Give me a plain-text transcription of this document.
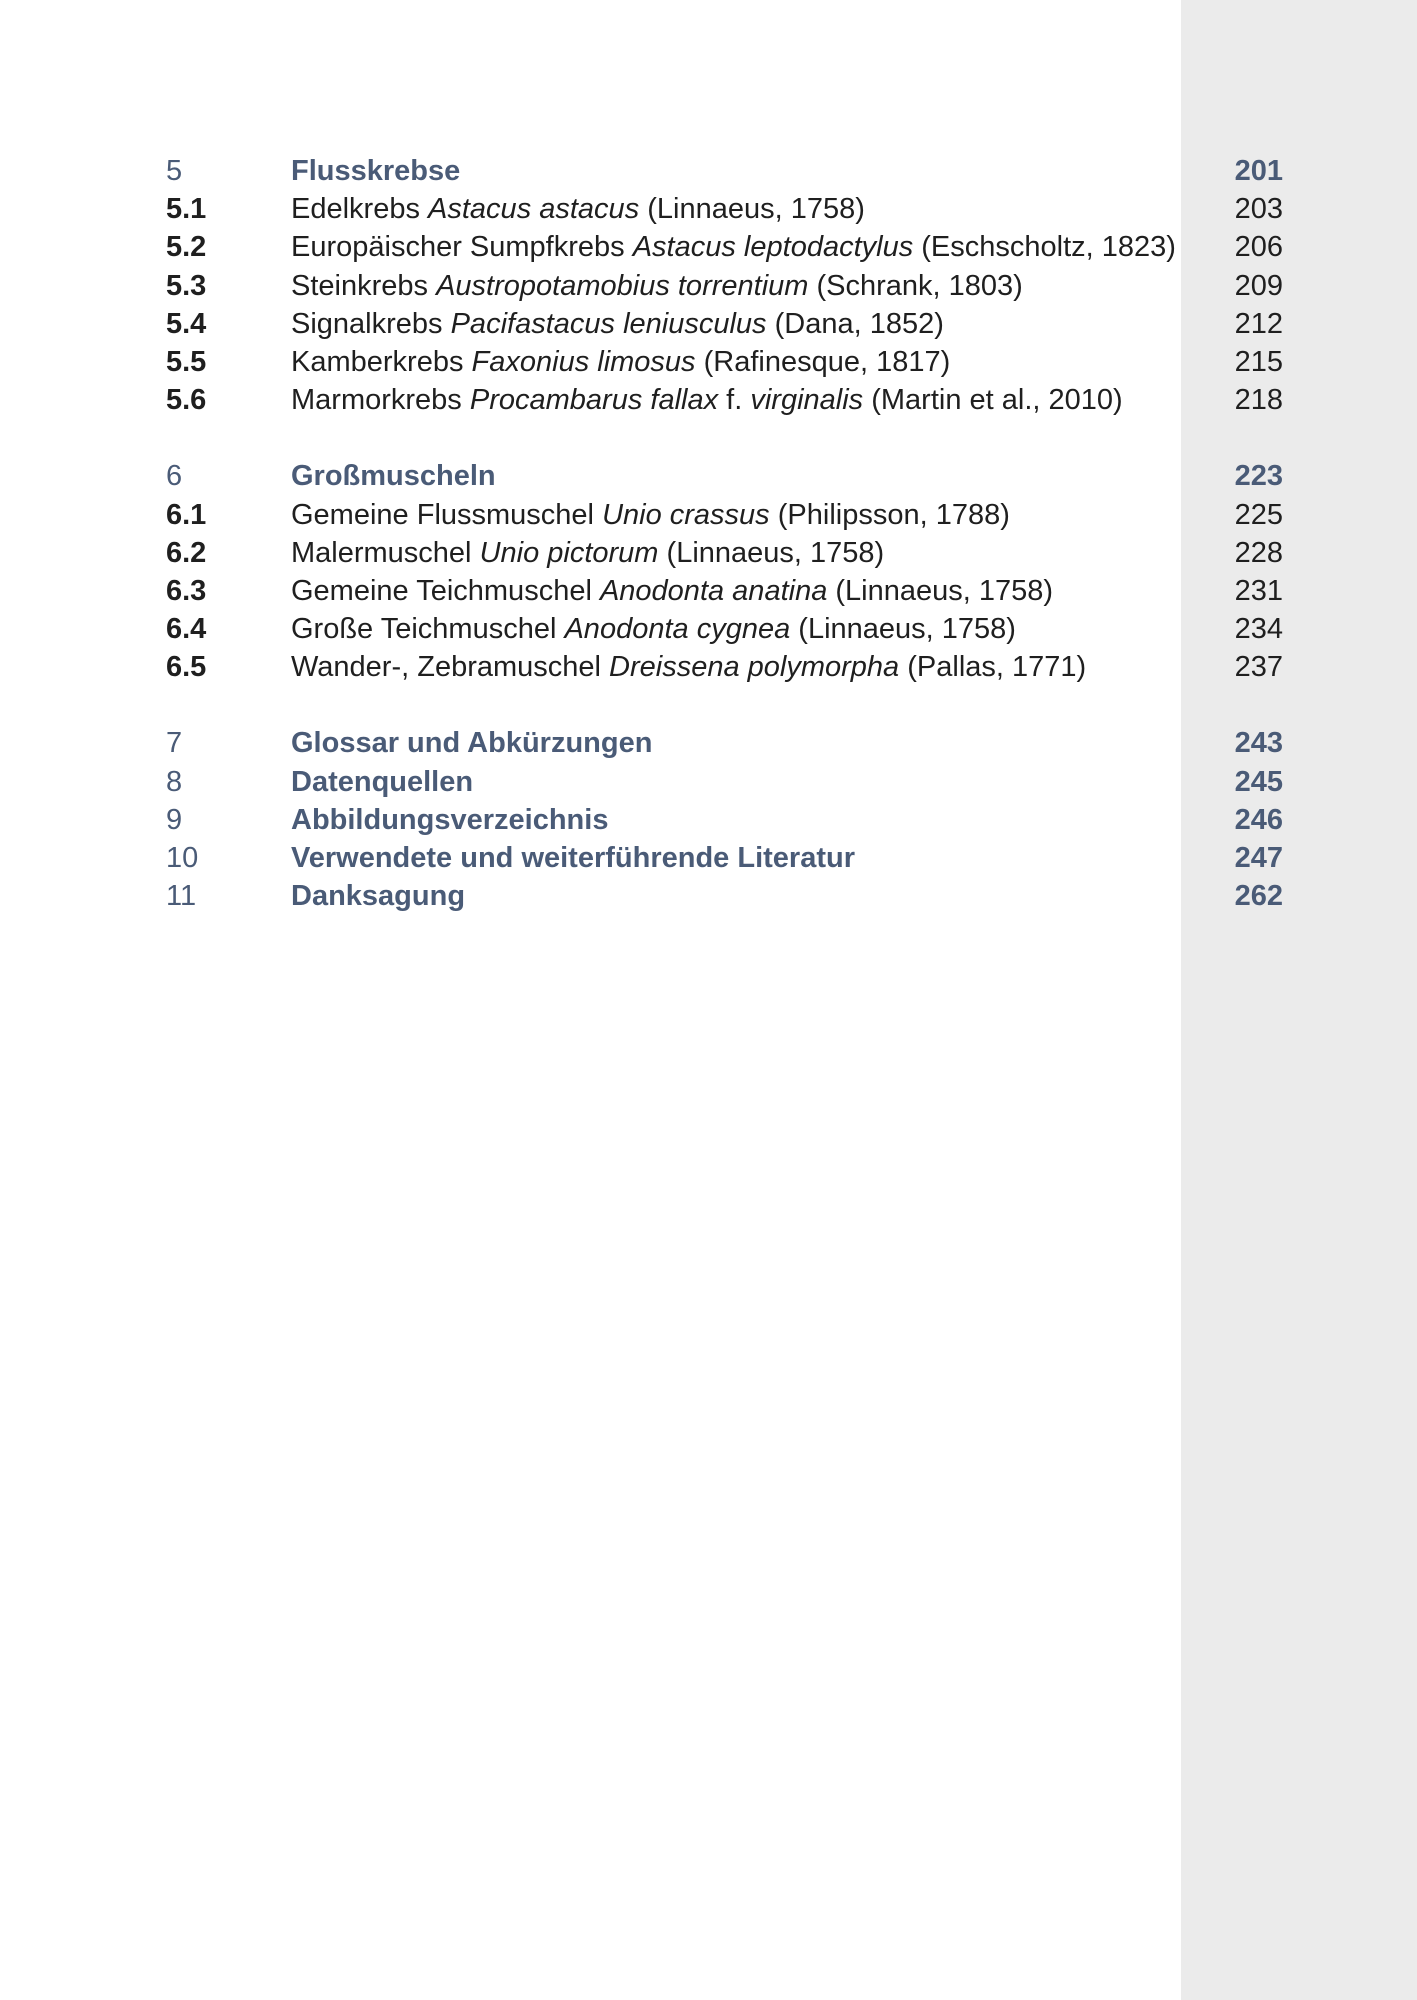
5	Flusskrebse	201
5.1	Edelkrebs Astacus astacus (Linnaeus, 1758)	203
5.2	Europäischer Sumpfkrebs Astacus leptodactylus (Eschscholtz, 1823)	206
5.3	Steinkrebs Austropotamobius torrentium (Schrank, 1803)	209
5.4	Signalkrebs Pacifastacus leniusculus (Dana, 1852)	212
5.5	Kamberkrebs Faxonius limosus (Rafinesque, 1817)	215
5.6	Marmorkrebs Procambarus fallax f. virginalis (Martin et al., 2010)	218
6	Großmuscheln	223
6.1	Gemeine Flussmuschel Unio crassus (Philipsson, 1788)	225
6.2	Malermuschel Unio pictorum (Linnaeus, 1758)	228
6.3	Gemeine Teichmuschel Anodonta anatina (Linnaeus, 1758)	231
6.4	Große Teichmuschel Anodonta cygnea (Linnaeus, 1758)	234
6.5	Wander-, Zebramuschel Dreissena polymorpha (Pallas, 1771)	237
7	Glossar und Abkürzungen	243
8	Datenquellen	245
9	Abbildungsverzeichnis	246
10	Verwendete und weiterführende Literatur	247
11	Danksagung	262
